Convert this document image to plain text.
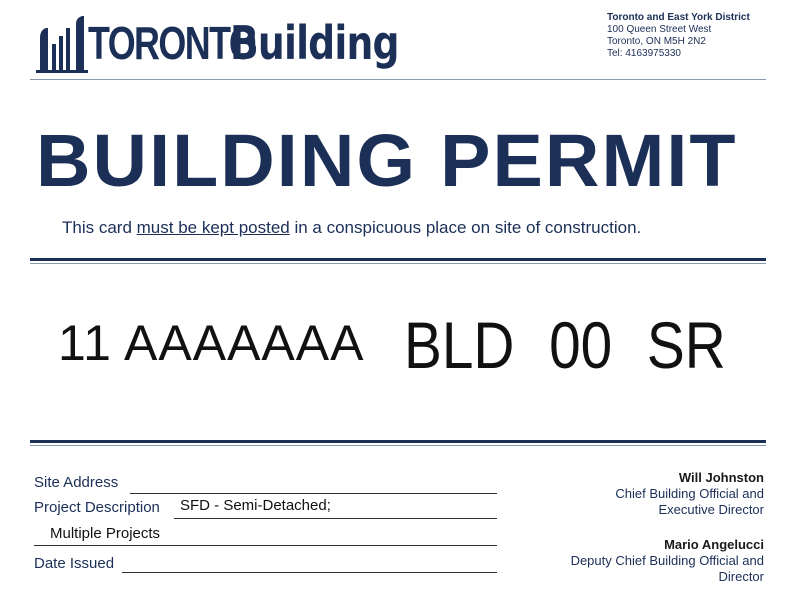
TORONTO
Building	Toronto and East York District
100 Queen Street West
Toronto, ON M5H 2N2
Tel: 4163975330
BUILDING PERMIT
This card must be kept posted in a conspicuous place on site of construction.
11 AAAAAAA BLD 00 SR
Site Address
Project Description SFD - Semi-Detached;
Multiple Projects
Date Issued
Will Johnston
Chief Building Official and
Executive Director
Mario Angelucci
Deputy Chief Building Official and
Director
